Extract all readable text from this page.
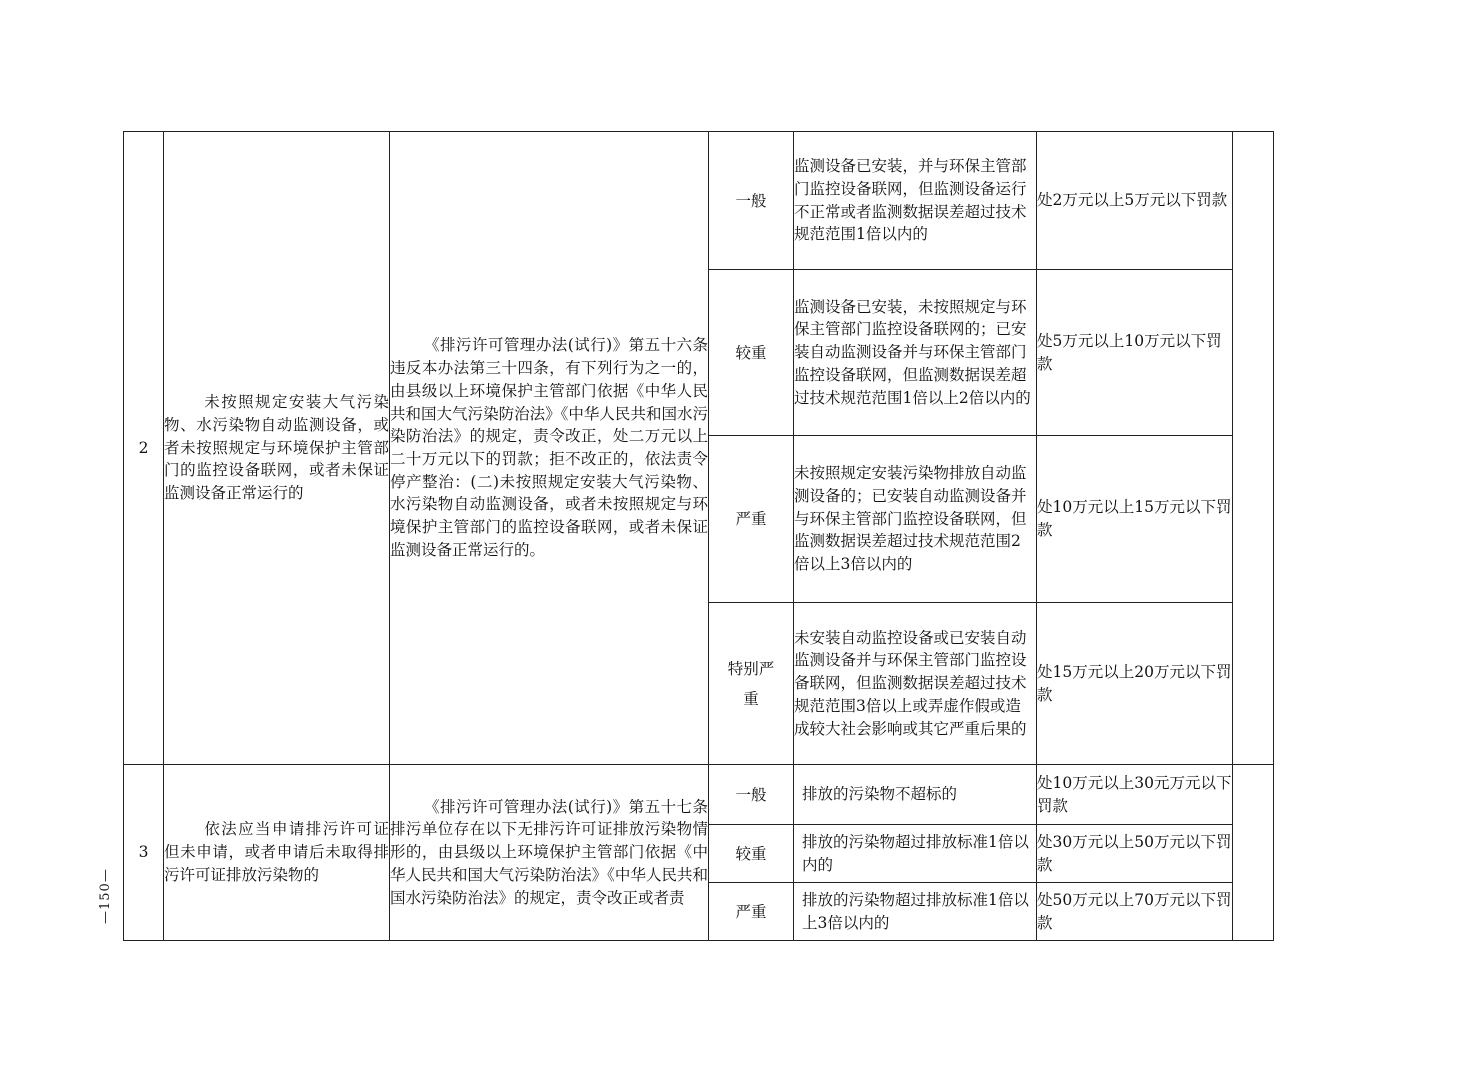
—150—
2	未按照规定安装大气污染物、水污染物自动监测设备，或者未按照规定与环境保护主管部门的监控设备联网，或者未保证监测设备正常运行的	《排污许可管理办法(试行)》第五十六条违反本办法第三十四条，有下列行为之一的，由县级以上环境保护主管部门依据《中华人民共和国大气污染防治法》《中华人民共和国水污染防治法》的规定，责令改正，处二万元以上二十万元以下的罚款；拒不改正的，依法责令停产整治：(二)未按照规定安装大气污染物、水污染物自动监测设备，或者未按照规定与环境保护主管部门的监控设备联网，或者未保证监测设备正常运行的。	一般	监测设备已安装，并与环保主管部门监控设备联网，但监测设备运行不正常或者监测数据误差超过技术规范范围1倍以内的	处2万元以上5万元以下罚款	
			较重	监测设备已安装，未按照规定与环保主管部门监控设备联网的；已安装自动监测设备并与环保主管部门监控设备联网，但监测数据误差超过技术规范范围1倍以上2倍以内的	处5万元以上10万元以下罚款	
			严重	未按照规定安装污染物排放自动监测设备的；已安装自动监测设备并与环保主管部门监控设备联网，但监测数据误差超过技术规范范围2倍以上3倍以内的	处10万元以上15万元以下罚款	
			特别严重	未安装自动监控设备或已安装自动监测设备并与环保主管部门监控设备联网，但监测数据误差超过技术规范范围3倍以上或弄虚作假或造成较大社会影响或其它严重后果的	处15万元以上20万元以下罚款	
3	依法应当申请排污许可证但未申请，或者申请后未取得排污许可证排放污染物的	《排污许可管理办法(试行)》第五十七条排污单位存在以下无排污许可证排放污染物情形的，由县级以上环境保护主管部门依据《中华人民共和国大气污染防治法》《中华人民共和国水污染防治法》的规定，责令改正或者责	一般	排放的污染物不超标的	处10万元以上30元万元以下罚款	
			较重	排放的污染物超过排放标准1倍以内的	处30万元以上50万元以下罚款	
			严重	排放的污染物超过排放标准1倍以上3倍以内的	处50万元以上70万元以下罚款	
